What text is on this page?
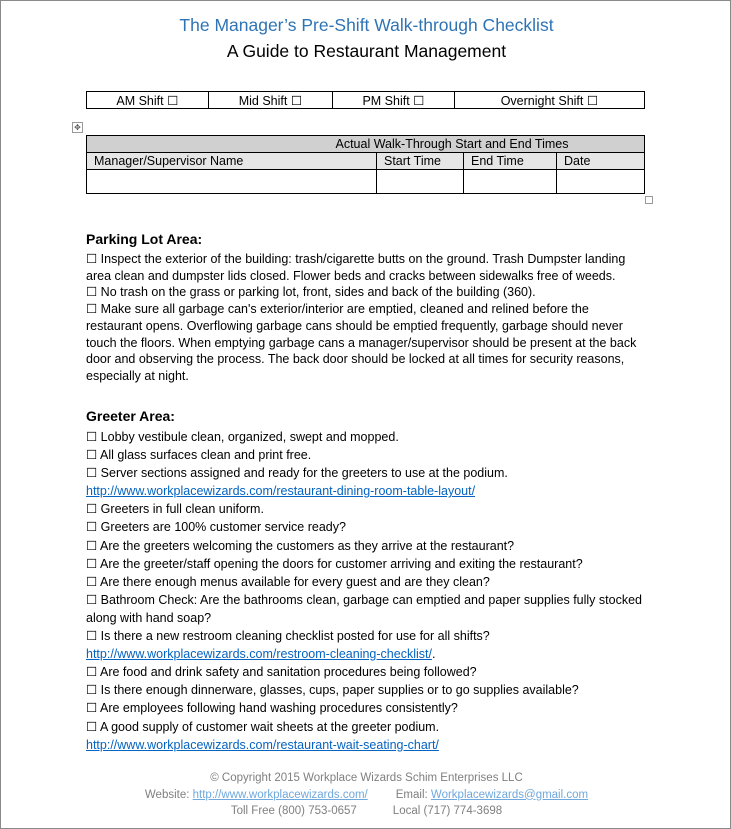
The Manager’s Pre-Shift Walk-through Checklist
A Guide to Restaurant Management
AM Shift ☐	Mid Shift ☐	PM Shift ☐	Overnight Shift ☐
✥
Actual Walk-Through Start and End Times			
Manager/Supervisor Name	Start Time	End Time	Date

Parking Lot Area:

☐ Inspect the exterior of the building: trash/cigarette butts on the ground. Trash Dumpster landing area clean and dumpster lids closed. Flower beds and cracks between sidewalks free of weeds.

☐ No trash on the grass or parking lot, front, sides and back of the building (360).

☐ Make sure all garbage can's exterior/interior are emptied, cleaned and relined before the restaurant opens. Overflowing garbage cans should be emptied frequently, garbage should never touch the floors. When emptying garbage cans a manager/supervisor should be present at the back door and observing the process. The back door should be locked at all times for security reasons, especially at night.

Greeter Area:

☐ Lobby vestibule clean, organized, swept and mopped.

☐ All glass surfaces clean and print free.

☐ Server sections assigned and ready for the greeters to use at the podium.

http://www.workplacewizards.com/restaurant-dining-room-table-layout/

☐ Greeters in full clean uniform.

☐ Greeters are 100% customer service ready?

☐ Are the greeters welcoming the customers as they arrive at the restaurant?

☐ Are the greeter/staff opening the doors for customer arriving and exiting the restaurant?

☐ Are there enough menus available for every guest and are they clean?

☐ Bathroom Check: Are the bathrooms clean, garbage can emptied and paper supplies fully stocked along with hand soap?

☐ Is there a new restroom cleaning checklist posted for use for all shifts?

http://www.workplacewizards.com/restroom-cleaning-checklist/.

☐ Are food and drink safety and sanitation procedures being followed?

☐ Is there enough dinnerware, glasses, cups, paper supplies or to go supplies available?

☐ Are employees following hand washing procedures consistently?

☐ A good supply of customer wait sheets at the greeter podium.

http://www.workplacewizards.com/restaurant-wait-seating-chart/

© Copyright 2015 Workplace Wizards Schim Enterprises LLC
Website: http://www.workplacewizards.com/ Email: Workplacewizards@gmail.com
Toll Free (800) 753-0657	Local (717) 774-3698
